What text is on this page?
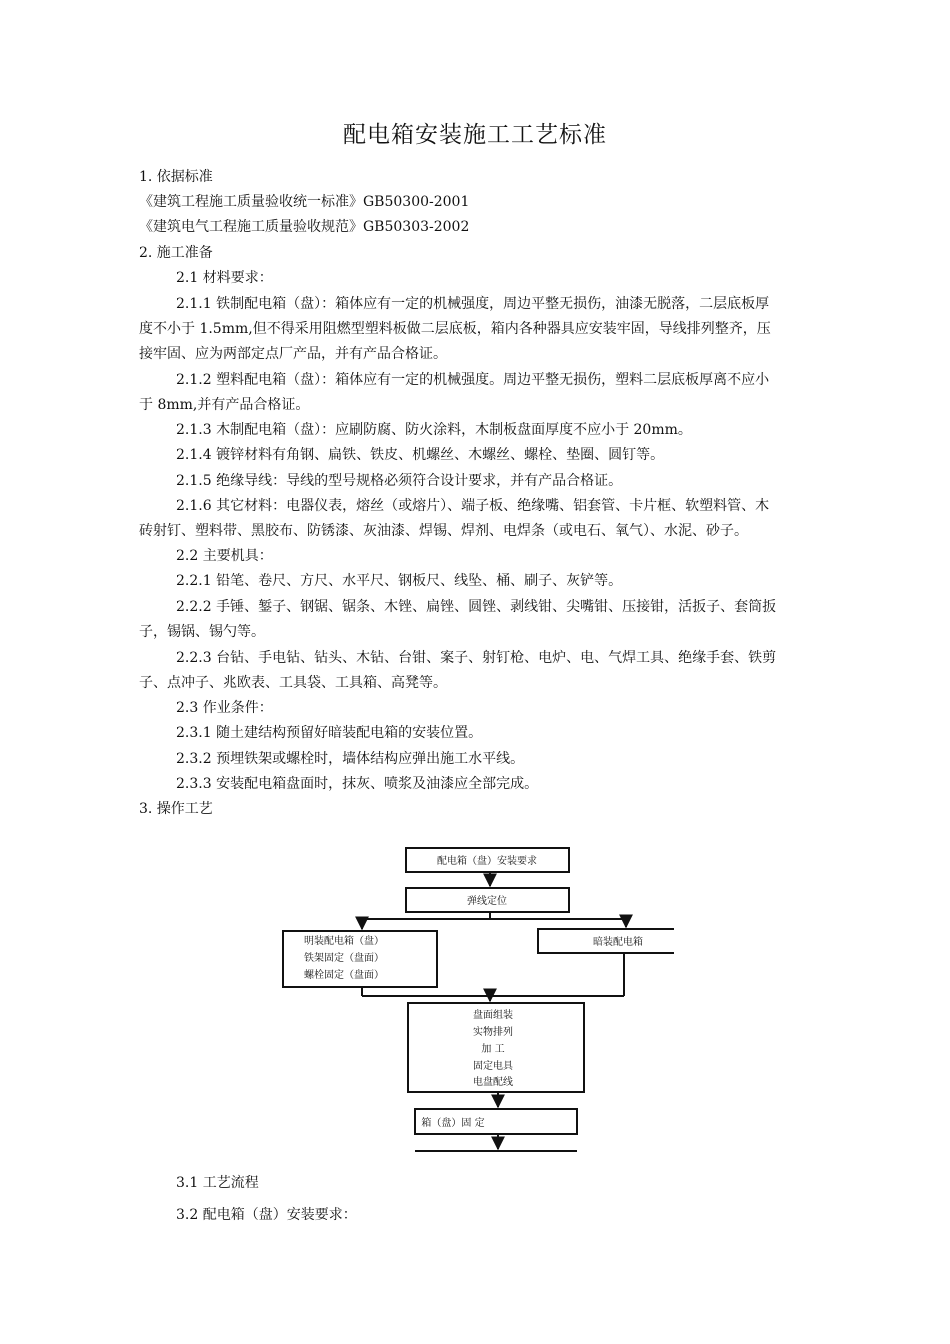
配电箱安装施工工艺标准
1. 依据标准
《建筑工程施工质量验收统一标准》GB50300-2001
《建筑电气工程施工质量验收规范》GB50303-2002
2. 施工准备
2.1 材料要求：
2.1.1 铁制配电箱（盘）：箱体应有一定的机械强度，周边平整无损伤，油漆无脱落，二层底板厚
度不小于 1.5mm,但不得采用阻燃型塑料板做二层底板，箱内各种器具应安装牢固，导线排列整齐，压
接牢固、应为两部定点厂产品，并有产品合格证。
2.1.2 塑料配电箱（盘）：箱体应有一定的机械强度。周边平整无损伤，塑料二层底板厚离不应小
于 8mm,并有产品合格证。
2.1.3 木制配电箱（盘）：应刷防腐、防火涂料，木制板盘面厚度不应小于 20mm。
2.1.4 镀锌材料有角钢、扁铁、铁皮、机螺丝、木螺丝、螺栓、垫圈、圆钉等。
2.1.5 绝缘导线：导线的型号规格必须符合设计要求，并有产品合格证。
2.1.6 其它材料：电器仪表，熔丝（或熔片）、端子板、绝缘嘴、铝套管、卡片框、软塑料管、木
砖射钉、塑料带、黑胶布、防锈漆、灰油漆、焊锡、焊剂、电焊条（或电石、氧气）、水泥、砂子。
2.2 主要机具：
2.2.1 铅笔、卷尺、方尺、水平尺、钢板尺、线坠、桶、刷子、灰铲等。
2.2.2 手锤、錾子、钢锯、锯条、木锉、扁锉、圆锉、剥线钳、尖嘴钳、压接钳，活扳子、套筒扳
子，锡锅、锡勺等。
2.2.3 台钻、手电钻、钻头、木钻、台钳、案子、射钉枪、电炉、电、气焊工具、绝缘手套、铁剪
子、点冲子、兆欧表、工具袋、工具箱、高凳等。
2.3 作业条件：
2.3.1 随土建结构预留好暗装配电箱的安装位置。
2.3.2 预埋铁架或螺栓时，墙体结构应弹出施工水平线。
2.3.3 安装配电箱盘面时，抹灰、喷浆及油漆应全部完成。
3. 操作工艺
配电箱（盘）安装要求
弹线定位
明装配电箱（盘）
铁架固定（盘面）
螺栓固定（盘面）
暗装配电箱
盘面组装
实物排列
加 工
固定电具
电盘配线
箱（盘）固 定
3.1 工艺流程
3.2 配电箱（盘）安装要求：
